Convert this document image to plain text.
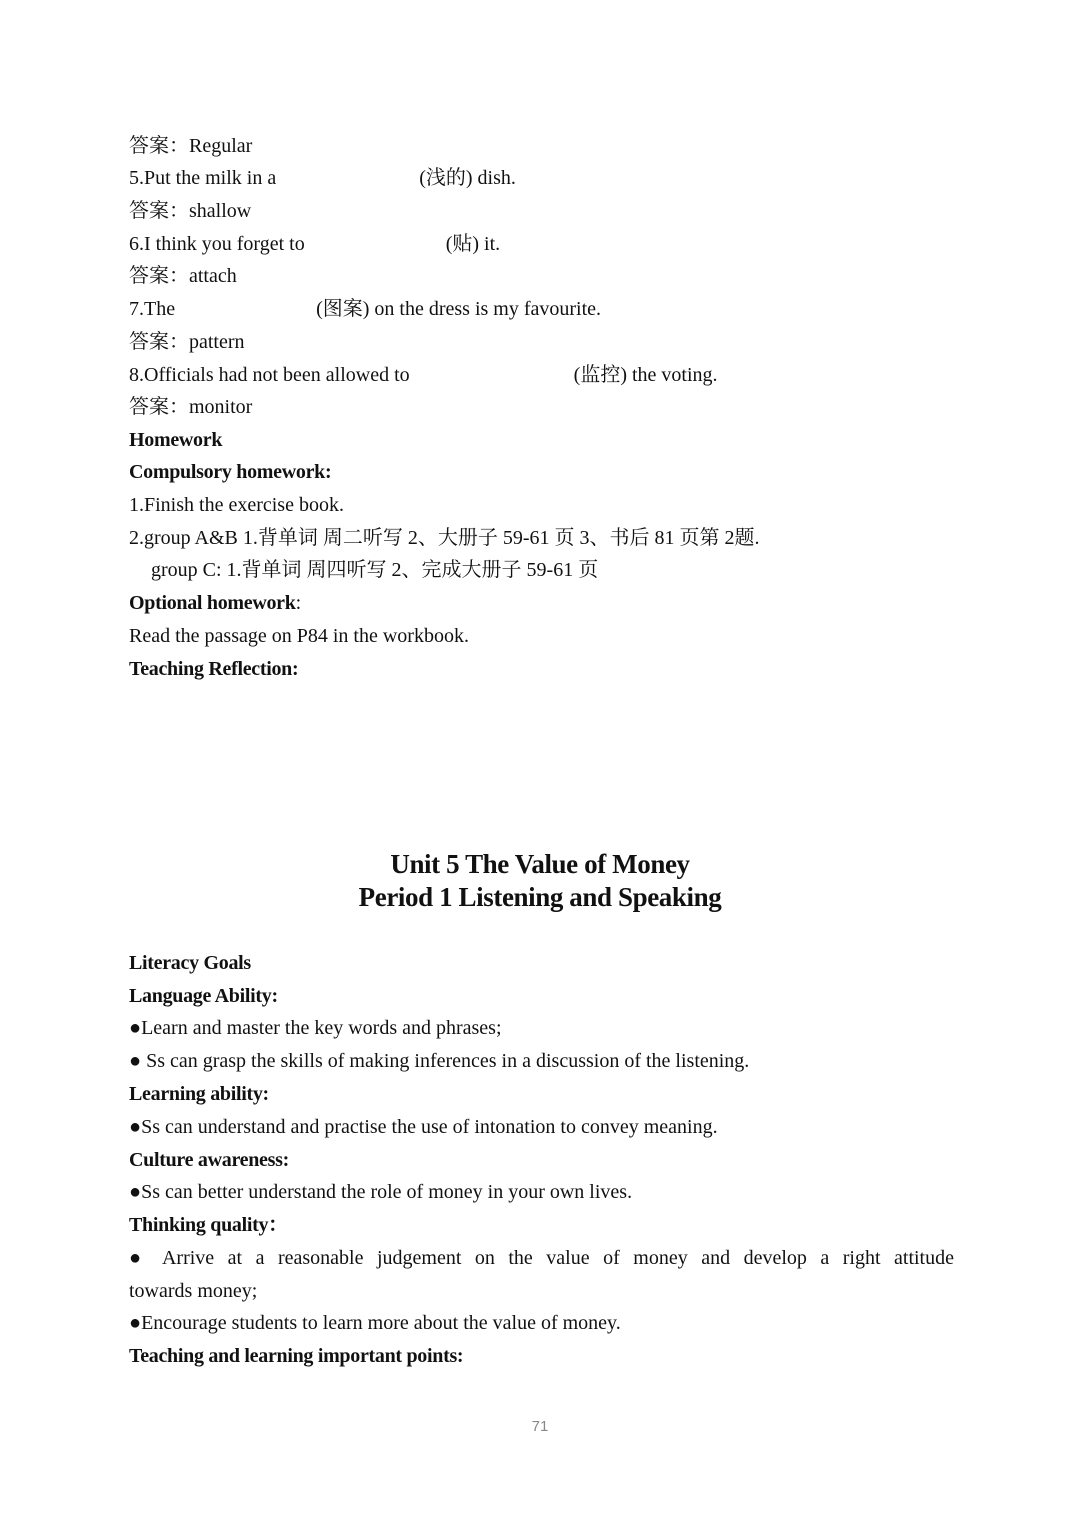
答案：Regular
5.Put the milk in a	(浅的) dish.
答案：shallow
6.I think you forget to	(贴) it.
答案：attach
7.The	(图案) on the dress is my favourite.
答案：pattern
8.Officials had not been allowed to	(监控) the voting.
答案：monitor
Homework
Compulsory homework:
1.Finish the exercise book.
2.group A&B 1.背单词 周二听写 2、大册子 59-61 页 3、书后 81 页第 2题.
group C: 1.背单词 周四听写 2、完成大册子 59-61 页
Optional homework:
Read the passage on P84 in the workbook.
Teaching Reflection:
Unit 5 The Value of Money
Period 1 Listening and Speaking
Literacy Goals
Language Ability:
●Learn and master the key words and phrases;
● Ss can grasp the skills of making inferences in a discussion of the listening.
Learning ability:
●Ss can understand and practise the use of intonation to convey meaning.
Culture awareness:
●Ss can better understand the role of money in your own lives.
Thinking quality：
● Arrive at a reasonable judgement on the value of money and develop a right attitude
towards money;
●Encourage students to learn more about the value of money.
Teaching and learning important points:
71
